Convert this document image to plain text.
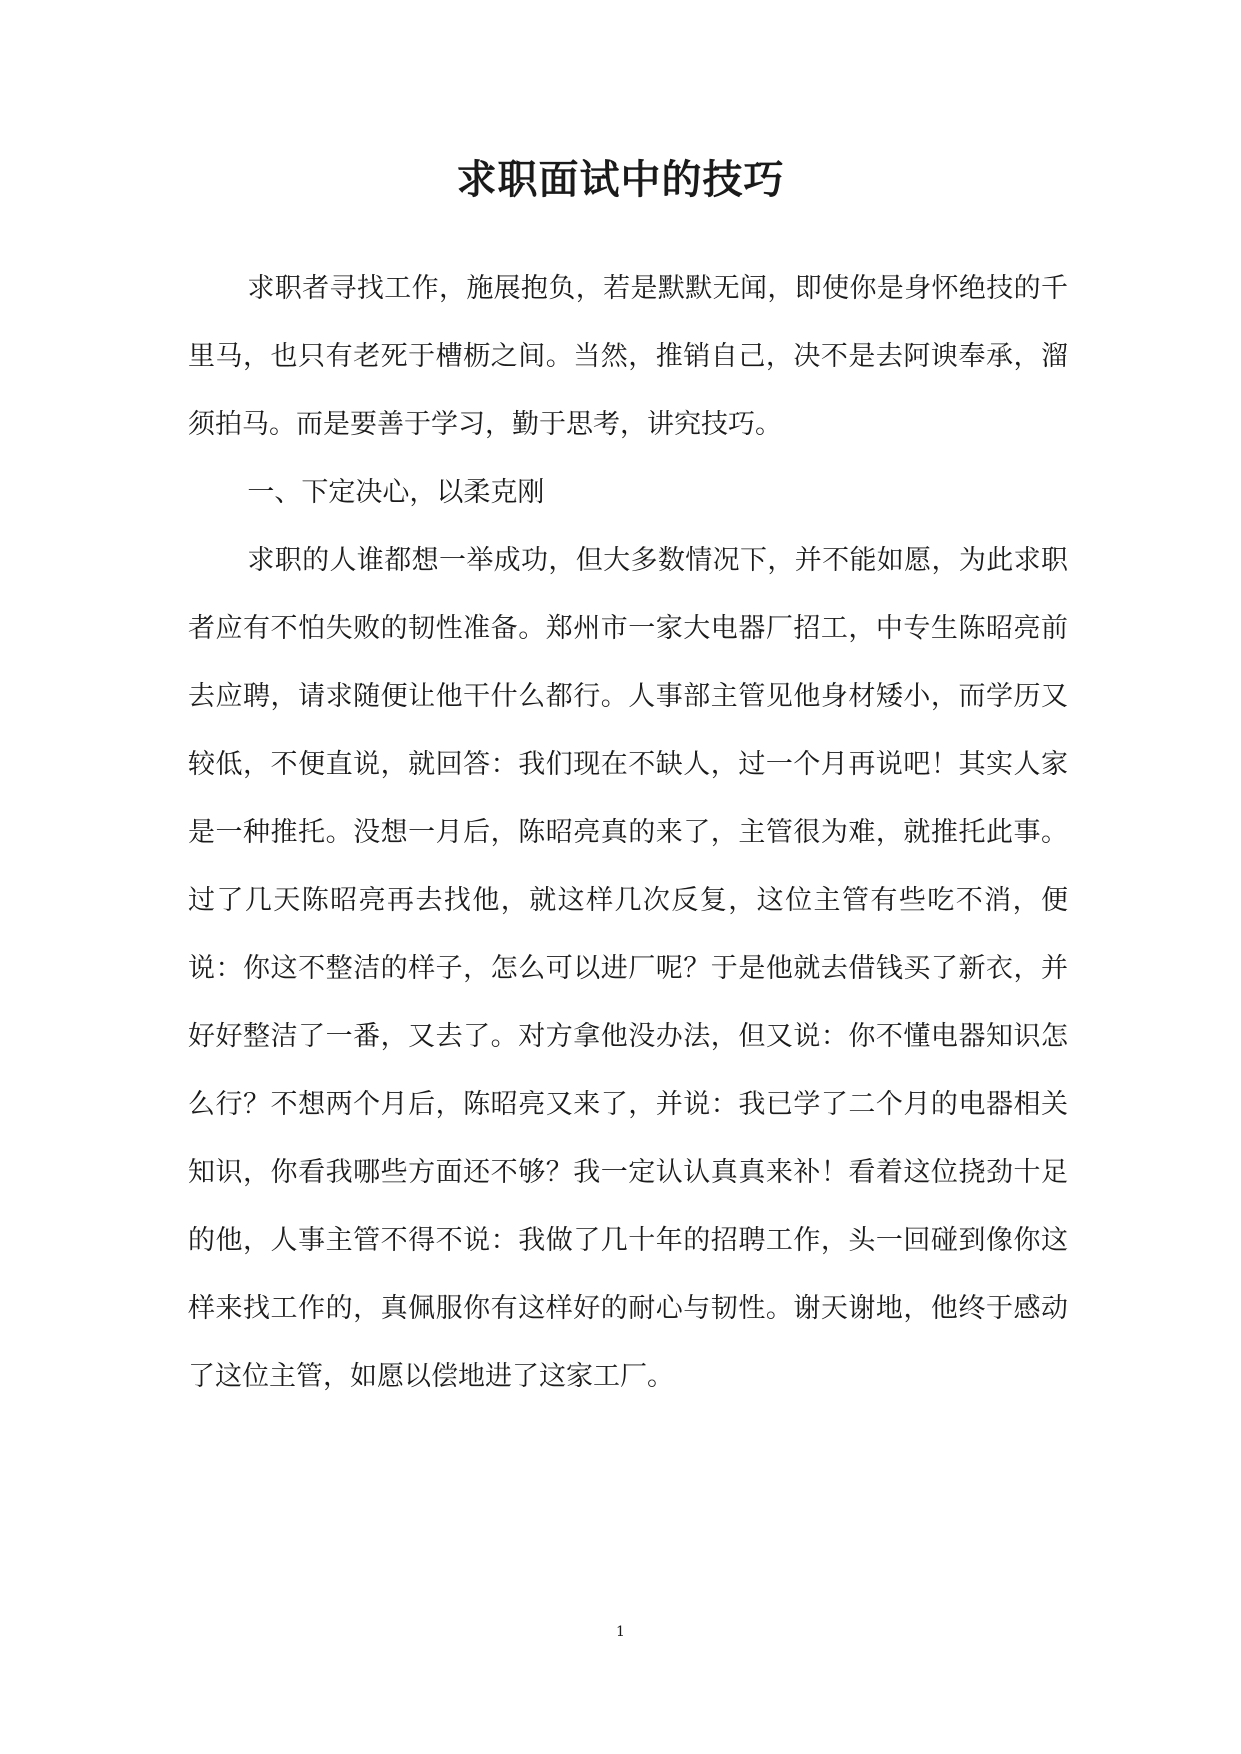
求职面试中的技巧

求职者寻找工作，施展抱负，若是默默无闻，即使你是身怀绝技的千里马，也只有老死于槽枥之间。当然，推销自己，决不是去阿谀奉承，溜须拍马。而是要善于学习，勤于思考，讲究技巧。

一、下定决心，以柔克刚

求职的人谁都想一举成功，但大多数情况下，并不能如愿，为此求职者应有不怕失败的韧性准备。郑州市一家大电器厂招工，中专生陈昭亮前去应聘，请求随便让他干什么都行。人事部主管见他身材矮小，而学历又较低，不便直说，就回答：我们现在不缺人，过一个月再说吧！其实人家是一种推托。没想一月后，陈昭亮真的来了，主管很为难，就推托此事。过了几天陈昭亮再去找他，就这样几次反复，这位主管有些吃不消，便说：你这不整洁的样子，怎么可以进厂呢？于是他就去借钱买了新衣，并好好整洁了一番，又去了。对方拿他没办法，但又说：你不懂电器知识怎么行？不想两个月后，陈昭亮又来了，并说：我已学了二个月的电器相关知识，你看我哪些方面还不够？我一定认认真真来补！看着这位挠劲十足的他，人事主管不得不说：我做了几十年的招聘工作，头一回碰到像你这样来找工作的，真佩服你有这样好的耐心与韧性。谢天谢地，他终于感动了这位主管，如愿以偿地进了这家工厂。

1
